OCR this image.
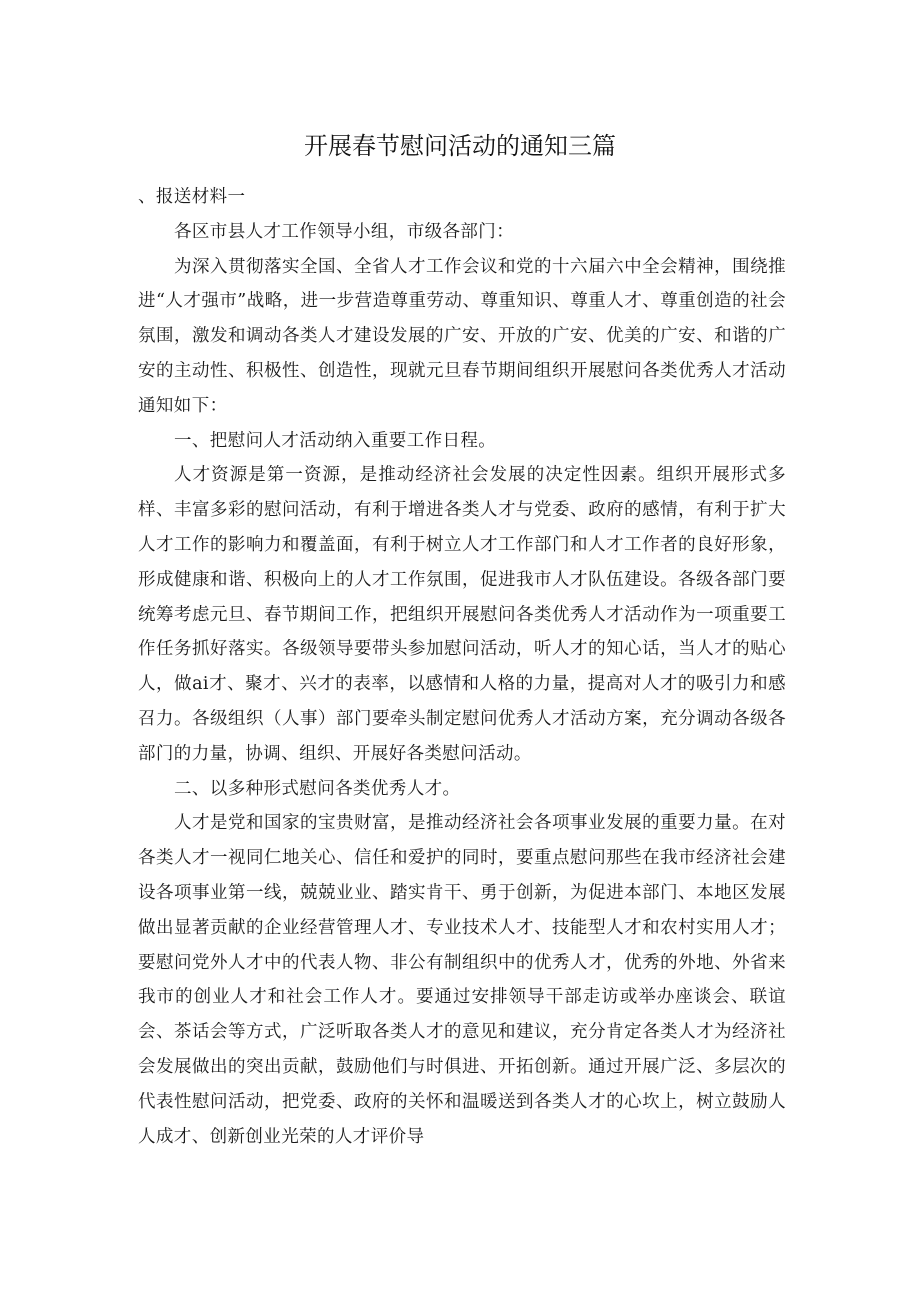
开展春节慰问活动的通知三篇

、报送材料一

各区市县人才工作领导小组，市级各部门：

为深入贯彻落实全国、全省人才工作会议和党的十六届六中全会精神，围绕推进“人才强市”战略，进一步营造尊重劳动、尊重知识、尊重人才、尊重创造的社会氛围，激发和调动各类人才建设发展的广安、开放的广安、优美的广安、和谐的广安的主动性、积极性、创造性，现就元旦春节期间组织开展慰问各类优秀人才活动通知如下：

一、把慰问人才活动纳入重要工作日程。

人才资源是第一资源，是推动经济社会发展的决定性因素。组织开展形式多样、丰富多彩的慰问活动，有利于增进各类人才与党委、政府的感情，有利于扩大人才工作的影响力和覆盖面，有利于树立人才工作部门和人才工作者的良好形象，形成健康和谐、积极向上的人才工作氛围，促进我市人才队伍建设。各级各部门要统筹考虑元旦、春节期间工作，把组织开展慰问各类优秀人才活动作为一项重要工作任务抓好落实。各级领导要带头参加慰问活动，听人才的知心话，当人才的贴心人，做ai才、聚才、兴才的表率，以感情和人格的力量，提高对人才的吸引力和感召力。各级组织（人事）部门要牵头制定慰问优秀人才活动方案，充分调动各级各部门的力量，协调、组织、开展好各类慰问活动。

二、以多种形式慰问各类优秀人才。

人才是党和国家的宝贵财富，是推动经济社会各项事业发展的重要力量。在对各类人才一视同仁地关心、信任和爱护的同时，要重点慰问那些在我市经济社会建设各项事业第一线，兢兢业业、踏实肯干、勇于创新，为促进本部门、本地区发展做出显著贡献的企业经营管理人才、专业技术人才、技能型人才和农村实用人才；要慰问党外人才中的代表人物、非公有制组织中的优秀人才，优秀的外地、外省来我市的创业人才和社会工作人才。要通过安排领导干部走访或举办座谈会、联谊会、茶话会等方式，广泛听取各类人才的意见和建议，充分肯定各类人才为经济社会发展做出的突出贡献，鼓励他们与时俱进、开拓创新。通过开展广泛、多层次的代表性慰问活动，把党委、政府的关怀和温暖送到各类人才的心坎上，树立鼓励人人成才、创新创业光荣的人才评价导
